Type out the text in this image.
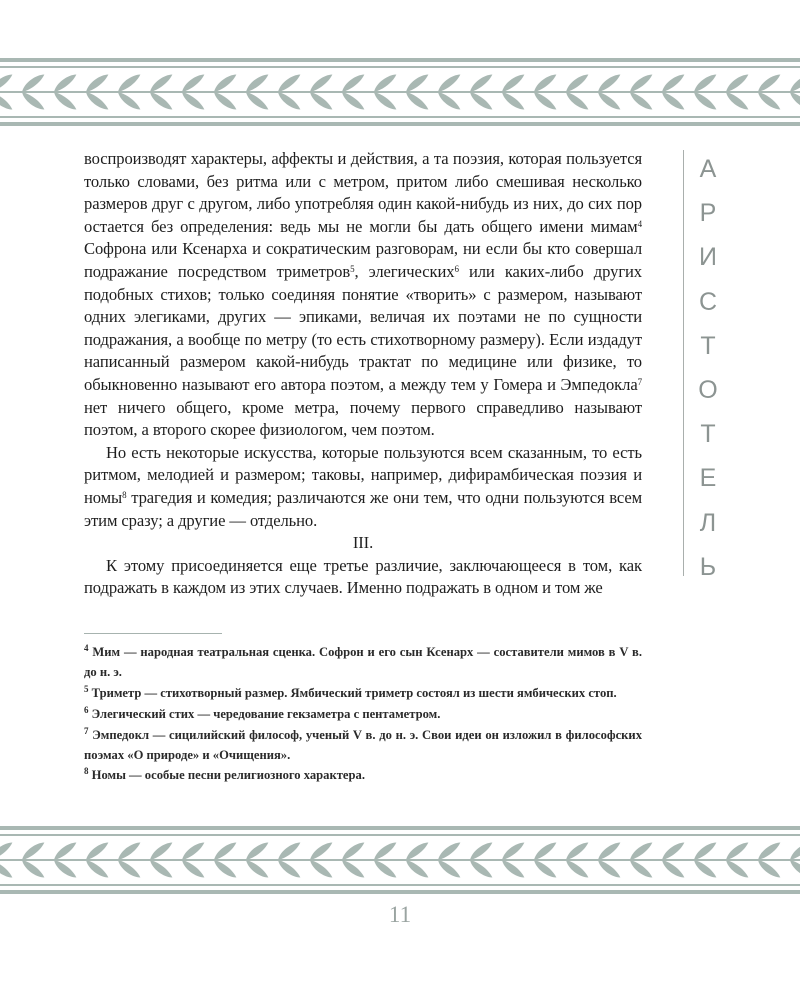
воспроизводят характеры, аффекты и действия, а та поэзия, которая пользуется только словами, без ритма или с метром, притом либо смешивая несколько размеров друг с другом, либо употребляя один какой-нибудь из них, до сих пор остается без определения: ведь мы не могли бы дать общего имени мимам$^4$ Софрона или Ксенарха и сократическим разговорам, ни если бы кто совершал подражание посредством триметров$^5$, элегических$^6$ или каких-либо других подобных стихов; только соединяя понятие «творить» с размером, называют одних элегиками, других — эпиками, величая их поэтами не по сущности подражания, а вообще по метру (то есть стихотворному размеру). Если издадут написанный размером какой-нибудь трактат по медицине или физике, то обыкновенно называют его автора поэтом, а между тем у Гомера и Эмпедокла$^7$ нет ничего общего, кроме метра, почему первого справедливо называют поэтом, а второго скорее физиологом, чем поэтом.

Но есть некоторые искусства, которые пользуются всем сказанным, то есть ритмом, мелодией и размером; таковы, например, дифирамбическая поэзия и номы$^8$ трагедия и комедия; различаются же они тем, что одни пользуются всем этим сразу; а другие — отдельно.

III.

К этому присоединяется еще третье различие, заключающееся в том, как подражать в каждом из этих случаев. Именно подражать в одном и том же

А
Р
И
С
Т
О
Т
Е
Л
Ь

$^4$ Мим — народная театральная сценка. Софрон и его сын Ксенарх — составители мимов в V в. до н. э.

$^5$ Триметр — стихотворный размер. Ямбический триметр состоял из шести ямбических стоп.

$^6$ Элегический стих — чередование гекзаметра с пентаметром.

$^7$ Эмпедокл — сицилийский философ, ученый V в. до н. э. Свои идеи он изложил в философских поэмах «О природе» и «Очищения».

$^8$ Номы — особые песни религиозного характера.

11
